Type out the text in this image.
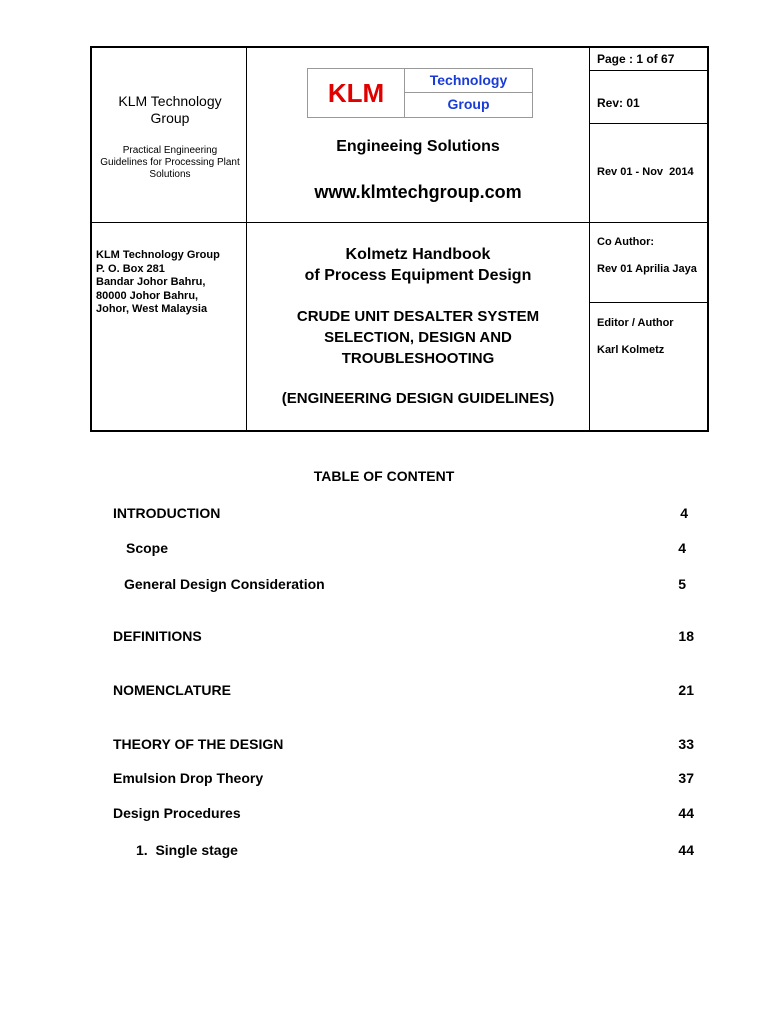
KLM Technology Group
Practical Engineering Guidelines for Processing Plant Solutions
KLM	Technology
Group
Engineeing Solutions
www.klmtechgroup.com
Page : 1 of 67
Rev: 01
Rev 01 - Nov  2014
KLM Technology Group
P. O. Box 281
Bandar Johor Bahru,
80000 Johor Bahru,
Johor, West Malaysia
Kolmetz Handbook
of Process Equipment Design
CRUDE UNIT DESALTER SYSTEM
SELECTION, DESIGN AND
TROUBLESHOOTING
(ENGINEERING DESIGN GUIDELINES)
Co Author:
Rev 01 Aprilia Jaya
Editor / Author
Karl Kolmetz
TABLE OF CONTENT
INTRODUCTION	4
Scope	4
General Design Consideration	5
DEFINITIONS	18
NOMENCLATURE	21
THEORY OF THE DESIGN	33
Emulsion Drop Theory	37
Design Procedures	44
1.  Single stage	44
